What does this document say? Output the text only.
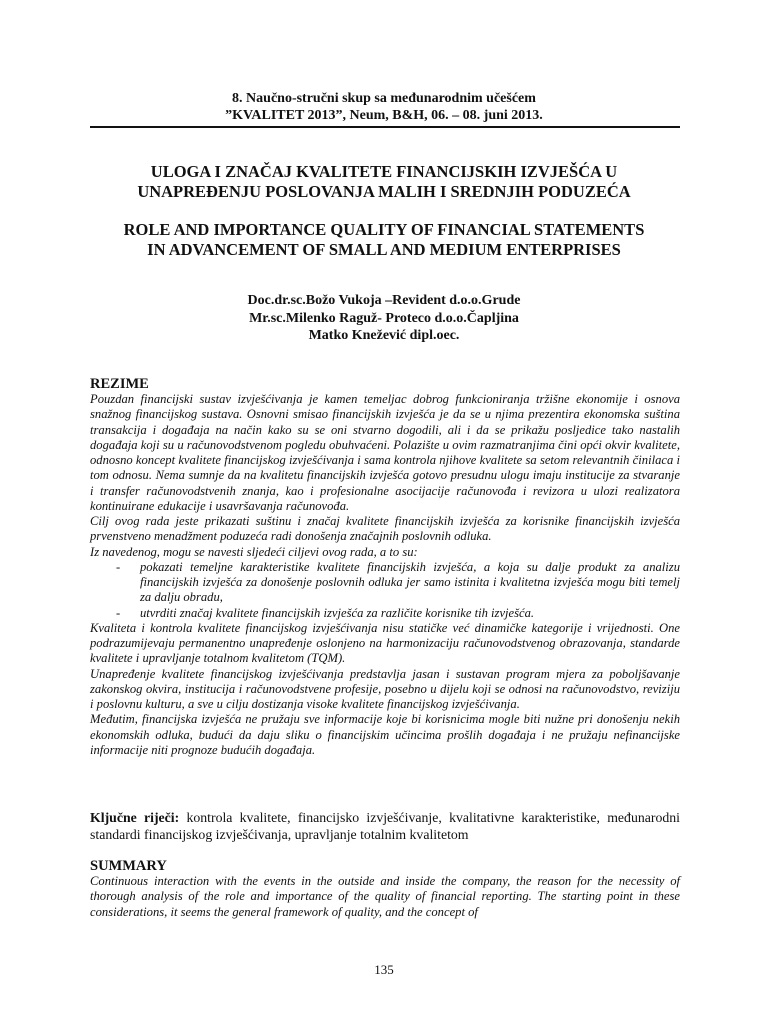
8. Naučno-stručni skup sa međunarodnim učešćem
”KVALITET 2013”, Neum, B&H, 06. – 08. juni 2013.
ULOGA I ZNAČAJ KVALITETE FINANCIJSKIH IZVJEŠĆA U
UNAPREĐENJU POSLOVANJA MALIH I SREDNJIH PODUZEĆA
ROLE AND IMPORTANCE QUALITY OF FINANCIAL STATEMENTS
IN ADVANCEMENT OF SMALL AND MEDIUM ENTERPRISES
Doc.dr.sc.Božo Vukoja –Revident d.o.o.Grude
Mr.sc.Milenko Raguž- Proteco d.o.o.Čapljina
Matko Knežević dipl.oec.
REZIME

Pouzdan financijski sustav izvješćivanja je kamen temeljac dobrog funkcioniranja tržišne ekonomije i osnova snažnog financijskog sustava. Osnovni smisao financijskih izvješća je da se u njima prezentira ekonomska suština transakcija i događaja na način kako su se oni stvarno dogodili, ali i da se prikažu posljedice tako nastalih događaja koji su u računovodstvenom pogledu obuhvaćeni. Polazište u ovim razmatranjima čini opći okvir kvalitete, odnosno koncept kvalitete financijskog izvješćivanja i sama kontrola njihove kvalitete sa setom relevantnih činilaca i tom odnosu. Nema sumnje da na kvalitetu financijskih izvješća gotovo presudnu ulogu imaju institucije za stvaranje i transfer računovodstvenih znanja, kao i profesionalne asocijacije računovođa i revizora u ulozi realizatora kontinuirane edukacije i usavršavanja računovođa.

Cilj ovog rada jeste prikazati suštinu i značaj kvalitete financijskih izvješća za korisnike financijskih izvješća prvenstveno menadžment poduzeća radi donošenja značajnih poslovnih odluka.

Iz navedenog, mogu se navesti sljedeći ciljevi ovog rada, a to su:

- pokazati temeljne karakteristike kvalitete financijskih izvješća, a koja su dalje produkt za analizu financijskih izvješća za donošenje poslovnih odluka jer samo istinita i kvalitetna izvješća mogu biti temelj za dalju obradu,
- utvrditi značaj kvalitete financijskih izvješća za različite korisnike tih izvješća.

Kvaliteta i kontrola kvalitete financijskog izvješćivanja nisu statičke već dinamičke kategorije i vrijednosti. One podrazumijevaju permanentno unapređenje oslonjeno na harmonizaciju računovodstvenog obrazovanja, standarde kvalitete i upravljanje totalnom kvalitetom (TQM).

Unapređenje kvalitete financijskog izvješćivanja predstavlja jasan i sustavan program mjera za poboljšavanje zakonskog okvira, institucija i računovodstvene profesije, posebno u dijelu koji se odnosi na računovodstvo, reviziju i poslovnu kulturu, a sve u cilju dostizanja visoke kvalitete financijskog izvješćivanja.

Međutim, financijska izvješća ne pružaju sve informacije koje bi korisnicima mogle biti nužne pri donošenju nekih ekonomskih odluka, budući da daju sliku o financijskim učincima prošlih događaja i ne pružaju nefinancijske informacije niti prognoze budućih događaja.

Ključne riječi: kontrola kvalitete, financijsko izvješćivanje, kvalitativne karakteristike, međunarodni standardi financijskog izvješćivanja, upravljanje totalnim kvalitetom
SUMMARY

Continuous interaction with the events in the outside and inside the company, the reason for the necessity of thorough analysis of the role and importance of the quality of financial reporting. The starting point in these considerations, it seems the general framework of quality, and the concept of

135
